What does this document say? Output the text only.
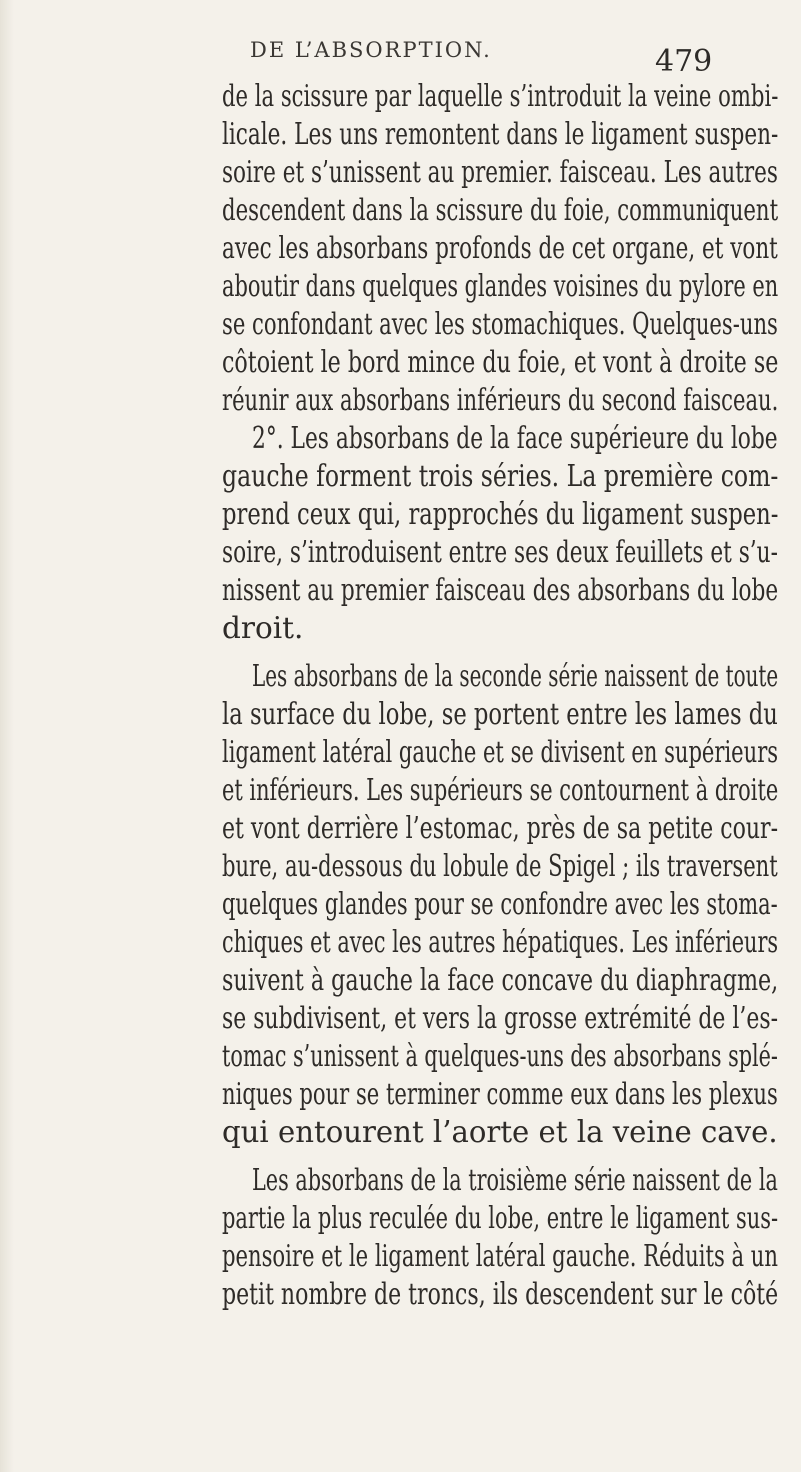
DE L’ABSORPTION.	479
de la scissure par laquelle s’introduit la veine ombi-
licale. Les uns remontent dans le ligament suspen-
soire et s’unissent au premier. faisceau. Les autres
descendent dans la scissure du foie, communiquent
avec les absorbans profonds de cet organe, et vont
aboutir dans quelques glandes voisines du pylore en
se confondant avec les stomachiques. Quelques-uns
côtoient le bord mince du foie, et vont à droite se
réunir aux absorbans inférieurs du second faisceau.
2°. Les absorbans de la face supérieure du lobe
gauche forment trois séries. La première com-
prend ceux qui, rapprochés du ligament suspen-
soire, s’introduisent entre ses deux feuillets et s’u-
nissent au premier faisceau des absorbans du lobe
droit.
Les absorbans de la seconde série naissent de toute
la surface du lobe, se portent entre les lames du
ligament latéral gauche et se divisent en supérieurs
et inférieurs. Les supérieurs se contournent à droite
et vont derrière l’estomac, près de sa petite cour-
bure, au-dessous du lobule de Spigel ; ils traversent
quelques glandes pour se confondre avec les stoma-
chiques et avec les autres hépatiques. Les inférieurs
suivent à gauche la face concave du diaphragme,
se subdivisent, et vers la grosse extrémité de l’es-
tomac s’unissent à quelques-uns des absorbans splé-
niques pour se terminer comme eux dans les plexus
qui entourent l’aorte et la veine cave.
Les absorbans de la troisième série naissent de la
partie la plus reculée du lobe, entre le ligament sus-
pensoire et le ligament latéral gauche. Réduits à un
petit nombre de troncs, ils descendent sur le côté
